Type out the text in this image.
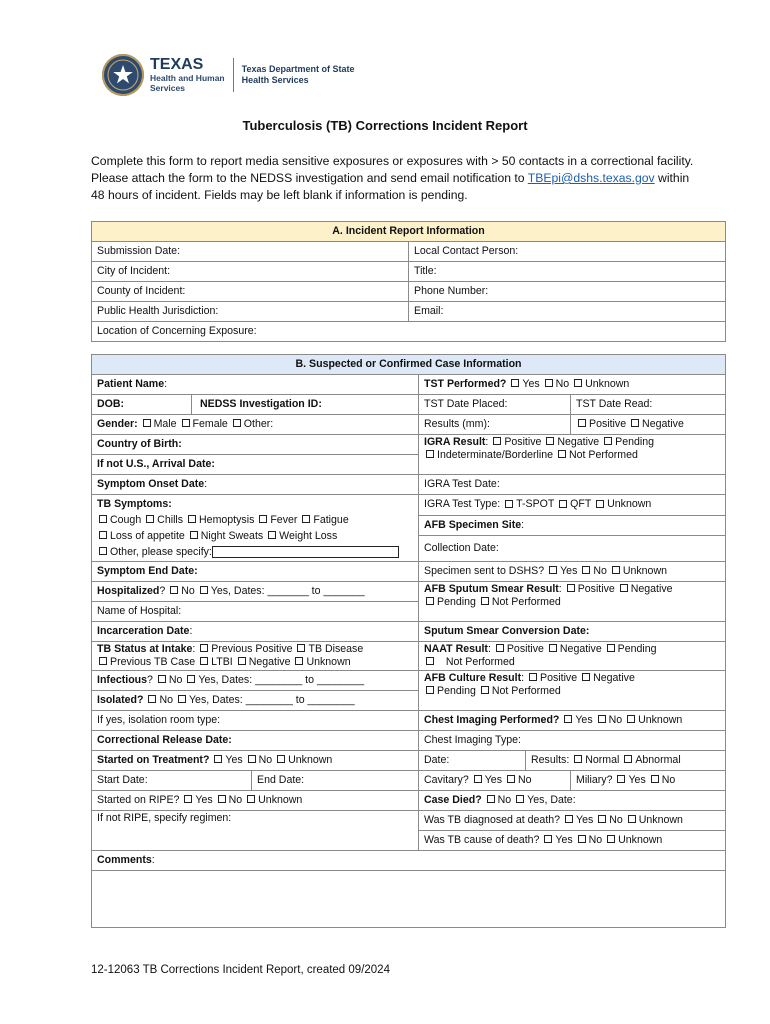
TEXAS
Health and Human
Services
Texas Department of State
Health Services
Tuberculosis (TB) Corrections Incident Report
Complete this form to report media sensitive exposures or exposures with > 50 contacts in a correctional facility. Please attach the form to the NEDSS investigation and send email notification to TBEpi@dshs.texas.gov within 48 hours of incident. Fields may be left blank if information is pending.
A. Incident Report Information	
Submission Date:	Local Contact Person:
City of Incident:	Title:
County of Incident:	Phone Number:
Public Health Jurisdiction:	Email:
Location of Concerning Exposure:	
B. Suspected or Confirmed Case Information					
Patient Name:			TST Performed? Yes No Unknown		
DOB:	NEDSS Investigation ID:		TST Date Placed:		TST Date Read:
Gender: Male Female Other:			Results (mm):		Positive Negative
Country of Birth:			IGRA Result: Positive Negative Pending
Indeterminate/Borderline Not Performed		
If not U.S., Arrival Date:					
Symptom Onset Date:			IGRA Test Date:		
TB Symptoms:
Cough Chills Hemoptysis Fever Fatigue
Loss of appetite Night Sweats Weight Loss
Other, please specify:			IGRA Test Type: T-SPOT QFT Unknown		
			AFB Specimen Site:		
			Collection Date:		
Symptom End Date:			Specimen sent to DSHS? Yes No Unknown		
Hospitalized? No Yes, Dates: _______ to _______			AFB Sputum Smear Result: Positive Negative
Pending Not Performed		
Name of Hospital:					
Incarceration Date:			Sputum Smear Conversion Date:		
TB Status at Intake: Previous Positive TB Disease
Previous TB Case LTBI Negative Unknown			NAAT Result: Positive Negative Pending
Not Performed		
Infectious? No Yes, Dates: ________ to ________			AFB Culture Result: Positive Negative
Pending Not Performed		
Isolated? No Yes, Dates: ________ to ________					
If yes, isolation room type:			Chest Imaging Performed? Yes No Unknown		
Correctional Release Date:			Chest Imaging Type:		
Started on Treatment? Yes No Unknown			Date:	Results: Normal Abnormal	
Start Date:		End Date:	Cavitary? Yes No		Miliary? Yes No
Started on RIPE? Yes No Unknown			Case Died? No Yes, Date:		
If not RIPE, specify regimen:			Was TB diagnosed at death? Yes No Unknown		
			Was TB cause of death? Yes No Unknown		
Comments:					

12-12063 TB Corrections Incident Report, created 09/2024
